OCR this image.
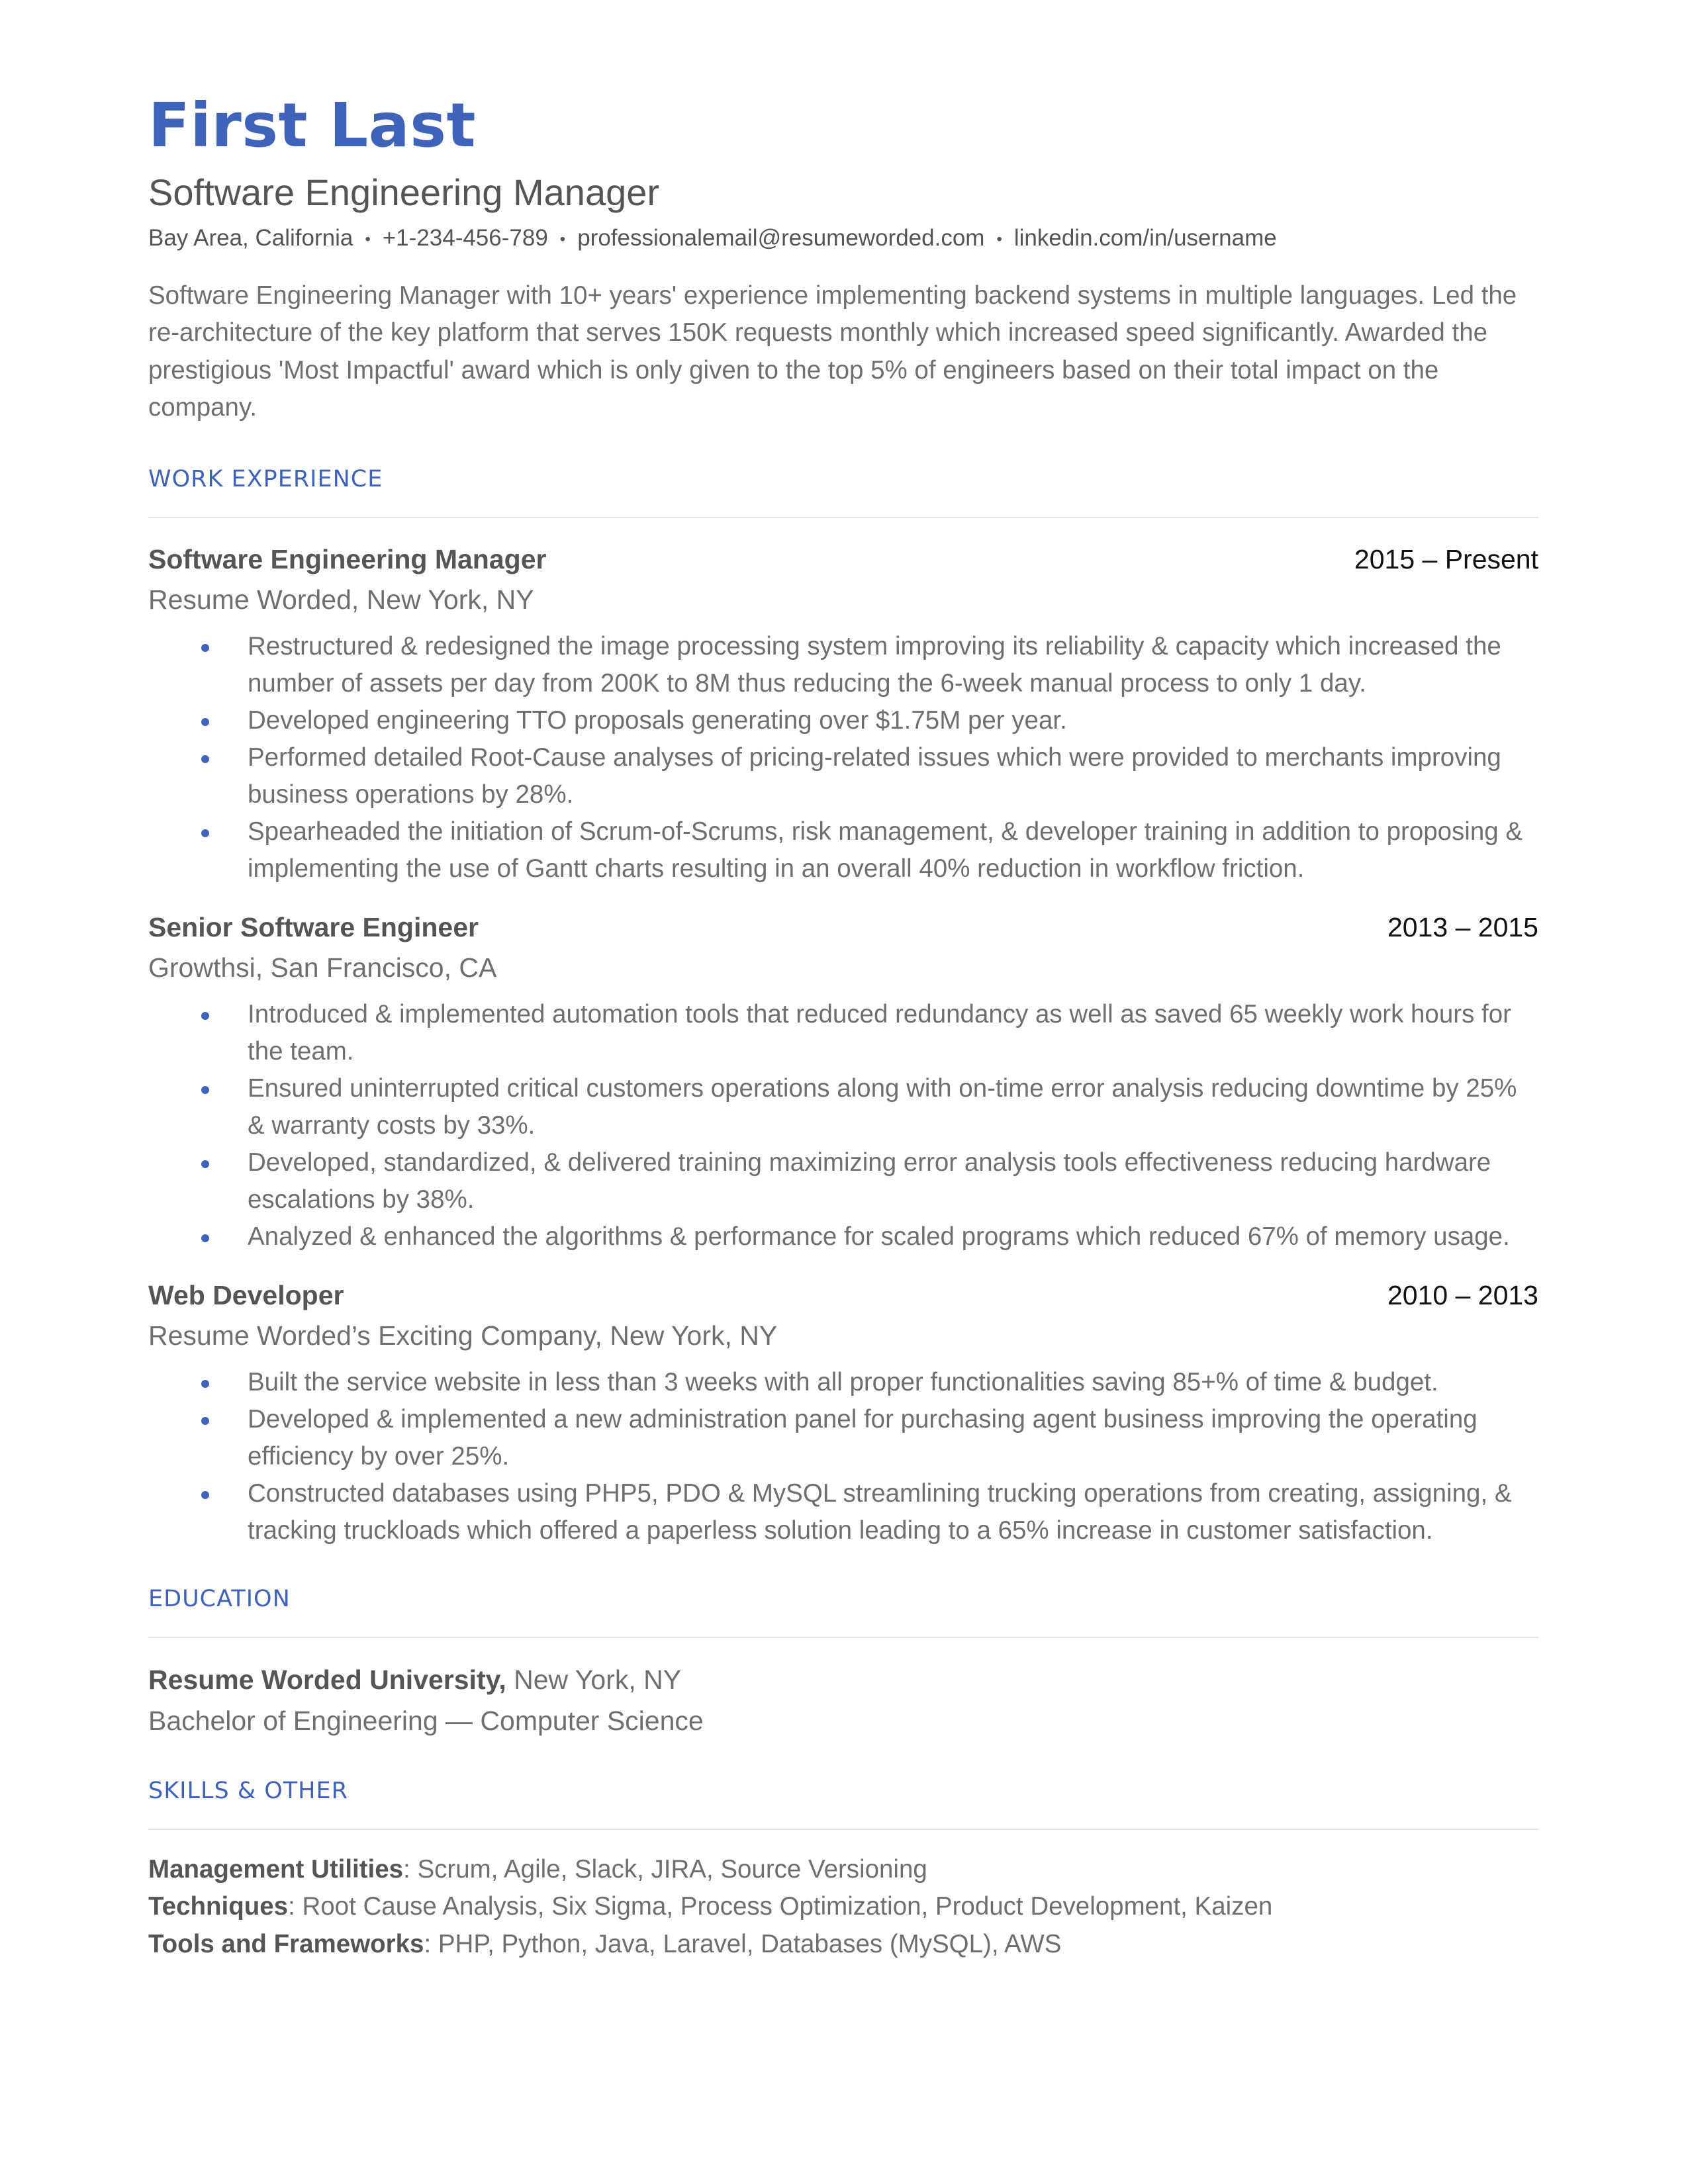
First Last
Software Engineering Manager
Bay Area, California • +1-234-456-789 • professionalemail@resumeworded.com • linkedin.com/in/username
Software Engineering Manager with 10+ years' experience implementing backend systems in multiple languages. Led the re-architecture of the key platform that serves 150K requests monthly which increased speed significantly. Awarded the prestigious 'Most Impactful' award which is only given to the top 5% of engineers based on their total impact on the company.
WORK EXPERIENCE
Software Engineering Manager	2015 – Present
Resume Worded, New York, NY
Restructured & redesigned the image processing system improving its reliability & capacity which increased the number of assets per day from 200K to 8M thus reducing the 6-week manual process to only 1 day.
Developed engineering TTO proposals generating over $1.75M per year.
Performed detailed Root-Cause analyses of pricing-related issues which were provided to merchants improving business operations by 28%.
Spearheaded the initiation of Scrum-of-Scrums, risk management, & developer training in addition to proposing & implementing the use of Gantt charts resulting in an overall 40% reduction in workflow friction.
Senior Software Engineer	2013 – 2015
Growthsi, San Francisco, CA
Introduced & implemented automation tools that reduced redundancy as well as saved 65 weekly work hours for the team.
Ensured uninterrupted critical customers operations along with on-time error analysis reducing downtime by 25% & warranty costs by 33%.
Developed, standardized, & delivered training maximizing error analysis tools effectiveness reducing hardware escalations by 38%.
Analyzed & enhanced the algorithms & performance for scaled programs which reduced 67% of memory usage.
Web Developer	2010 – 2013
Resume Worded’s Exciting Company, New York, NY
Built the service website in less than 3 weeks with all proper functionalities saving 85+% of time & budget.
Developed & implemented a new administration panel for purchasing agent business improving the operating efficiency by over 25%.
Constructed databases using PHP5, PDO & MySQL streamlining trucking operations from creating, assigning, & tracking truckloads which offered a paperless solution leading to a 65% increase in customer satisfaction.
EDUCATION
Resume Worded University, New York, NY
Bachelor of Engineering — Computer Science
SKILLS & OTHER
Management Utilities: Scrum, Agile, Slack, JIRA, Source Versioning
Techniques: Root Cause Analysis, Six Sigma, Process Optimization, Product Development, Kaizen
Tools and Frameworks: PHP, Python, Java, Laravel, Databases (MySQL), AWS
